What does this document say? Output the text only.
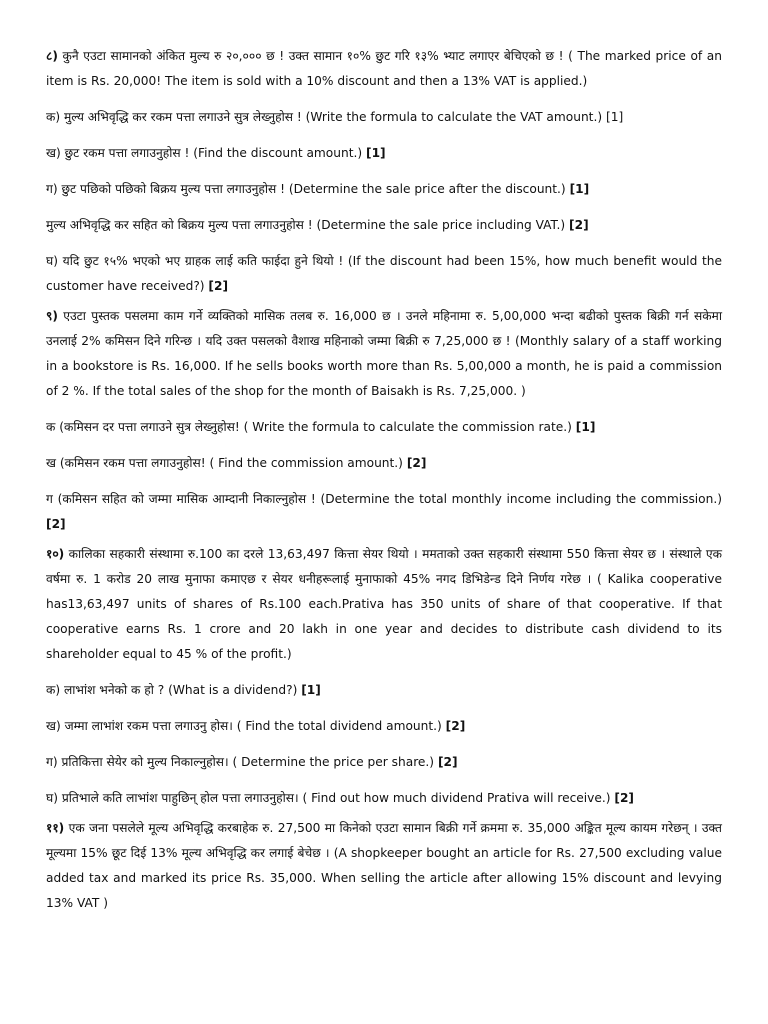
८) कुनै एउटा सामानको अंकित मुल्य रु २०,००० छ ! उक्त सामान १०% छुट गरि १३% भ्याट लगाएर बेचिएको छ ! ( The marked price of an item is Rs. 20,000! The item is sold with a 10% discount and then a 13% VAT is applied.)

क) मुल्य अभिवृद्धि कर रकम पत्ता लगाउने सुत्र लेख्नुहोस ! (Write the formula to calculate the VAT amount.) [1]

ख) छुट रकम पत्ता लगाउनुहोस ! (Find the discount amount.) [1]

ग) छुट पछिको पछिको बिक्रय मुल्य पत्ता लगाउनुहोस ! (Determine the sale price after the discount.) [1]

मुल्य अभिवृद्धि कर सहित को बिक्रय मुल्य पत्ता लगाउनुहोस ! (Determine the sale price including VAT.) [2]

घ) यदि छुट १५% भएको भए ग्राहक लाई कति फाईदा हुने थियो ! (If the discount had been 15%, how much benefit would the customer have received?) [2]

९) एउटा पुस्तक पसलमा काम गर्ने व्यक्तिको मासिक तलब रु. 16,000 छ । उनले महिनामा रु. 5,00,000 भन्दा बढीको पुस्तक बिक्री गर्न सकेमा उनलाई 2% कमिसन दिने गरिन्छ । यदि उक्त पसलको वैशाख महिनाको जम्मा बिक्री रु 7,25,000 छ ! (Monthly salary of a staff working in a bookstore is Rs. 16,000. If he sells books worth more than Rs. 5,00,000 a month, he is paid a commission of 2 %. If the total sales of the shop for the month of Baisakh is Rs. 7,25,000. )

क (कमिसन दर पत्ता लगाउने सुत्र लेख्नुहोस! ( Write the formula to calculate the commission rate.) [1]

ख (कमिसन रकम पत्ता लगाउनुहोस! ( Find the commission amount.) [2]

ग (कमिसन सहित को जम्मा मासिक आम्दानी निकाल्नुहोस ! (Determine the total monthly income including the commission.) [2]

१०) कालिका सहकारी संस्थामा रु.100 का दरले 13,63,497 कित्ता सेयर थियो । ममताको उक्त सहकारी संस्थामा 550 कित्ता सेयर छ । संस्थाले एक वर्षमा रु. 1 करोड 20 लाख मुनाफा कमाएछ र सेयर धनीहरूलाई मुनाफाको 45% नगद डिभिडेन्ड दिने निर्णय गरेछ । ( Kalika cooperative has13,63,497 units of shares of Rs.100 each.Prativa has 350 units of share of that cooperative. If that cooperative earns Rs. 1 crore and 20 lakh in one year and decides to distribute cash dividend to its shareholder equal to 45 % of the profit.)

क) लाभांश भनेको क हो ? (What is a dividend?) [1]

ख) जम्मा लाभांश रकम पत्ता लगाउनु होस। ( Find the total dividend amount.) [2]

ग) प्रतिकित्ता सेयेर को मुल्य निकाल्नुहोस। ( Determine the price per share.) [2]

घ) प्रतिभाले कति लाभांश पाहुछिन् होल पत्ता लगाउनुहोस। ( Find out how much dividend Prativa will receive.) [2]

११) एक जना पसलेले मूल्य अभिवृद्धि करबाहेक रु. 27,500 मा किनेको एउटा सामान बिक्री गर्ने क्रममा रु. 35,000 अङ्कित मूल्य कायम गरेछन् । उक्त मूल्यमा 15% छूट दिई 13% मूल्य अभिवृद्धि कर लगाई बेचेछ । (A shopkeeper bought an article for Rs. 27,500 excluding value added tax and marked its price Rs. 35,000. When selling the article after allowing 15% discount and levying 13% VAT )
